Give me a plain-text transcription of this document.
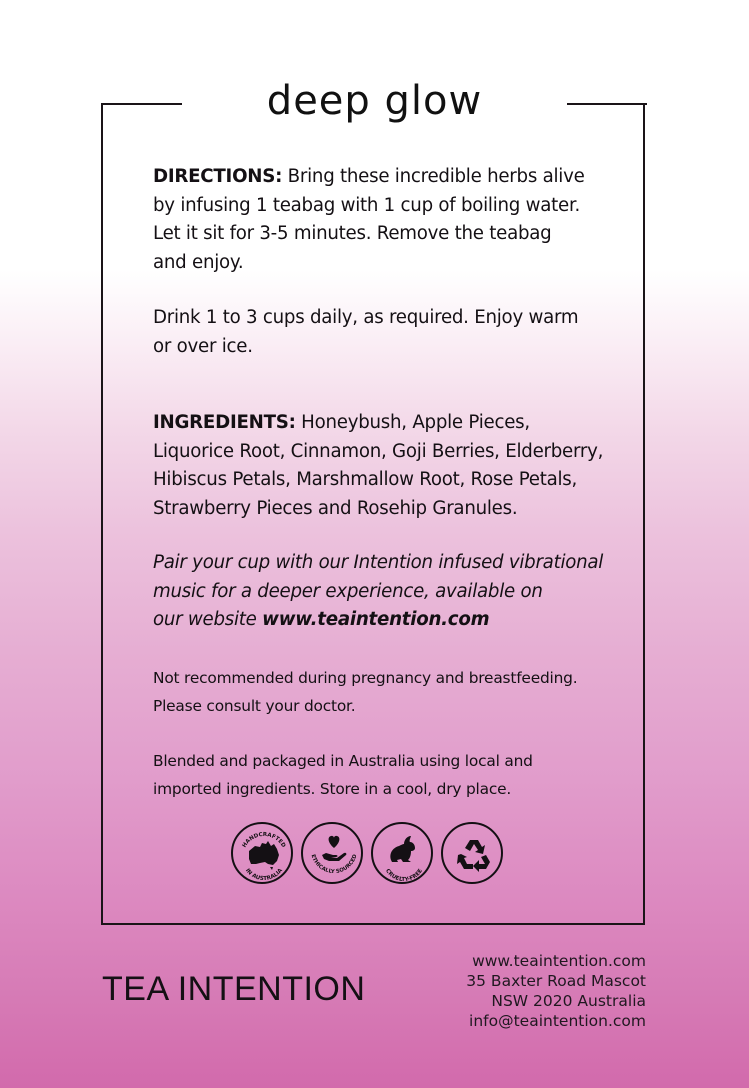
deep glow

DIRECTIONS: Bring these incredible herbs alive

by infusing 1 teabag with 1 cup of boiling water.

Let it sit for 3-5 minutes. Remove the teabag

and enjoy.

Drink 1 to 3 cups daily, as required. Enjoy warm

or over ice.

INGREDIENTS: Honeybush, Apple Pieces,

Liquorice Root, Cinnamon, Goji Berries, Elderberry,

Hibiscus Petals, Marshmallow Root, Rose Petals,

Strawberry Pieces and Rosehip Granules.

Pair your cup with our Intention infused vibrational

music for a deeper experience, available on

our website www.teaintention.com

Not recommended during pregnancy and breastfeeding.

Please consult your doctor.

Blended and packaged in Australia using local and

imported ingredients. Store in a cool, dry place.

HANDCRAFTED
IN AUSTRALIA
ETHICALLY SOURCED
CRUELTY-FREE
TEA INTENTION
www.teaintention.com
35 Baxter Road Mascot
NSW 2020 Australia
info@teaintention.com
